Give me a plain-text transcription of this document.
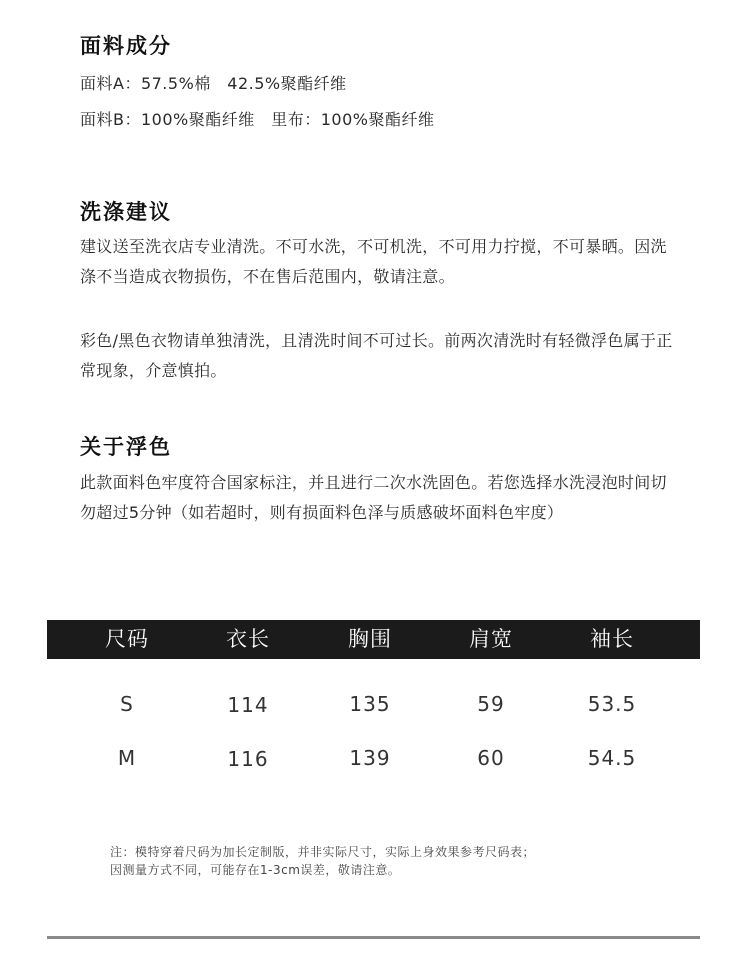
面料成分
面料A：57.5%棉　42.5%聚酯纤维
面料B：100%聚酯纤维　里布：100%聚酯纤维
洗涤建议

建议送至洗衣店专业清洗。不可水洗，不可机洗，不可用力拧搅，不可暴晒。因洗涤不当造成衣物损伤，不在售后范围内，敬请注意。

彩色/黑色衣物请单独清洗，且清洗时间不可过长。前两次清洗时有轻微浮色属于正常现象，介意慎拍。

关于浮色

此款面料色牢度符合国家标注，并且进行二次水洗固色。若您选择水洗浸泡时间切勿超过5分钟（如若超时，则有损面料色泽与质感破坏面料色牢度）

尺码	衣长	胸围	肩宽	袖长
S	114	135	59	53.5
M	116	139	60	54.5
注：模特穿着尺码为加长定制版，并非实际尺寸，实际上身效果参考尺码表；
因测量方式不同，可能存在1-3cm误差，敬请注意。
